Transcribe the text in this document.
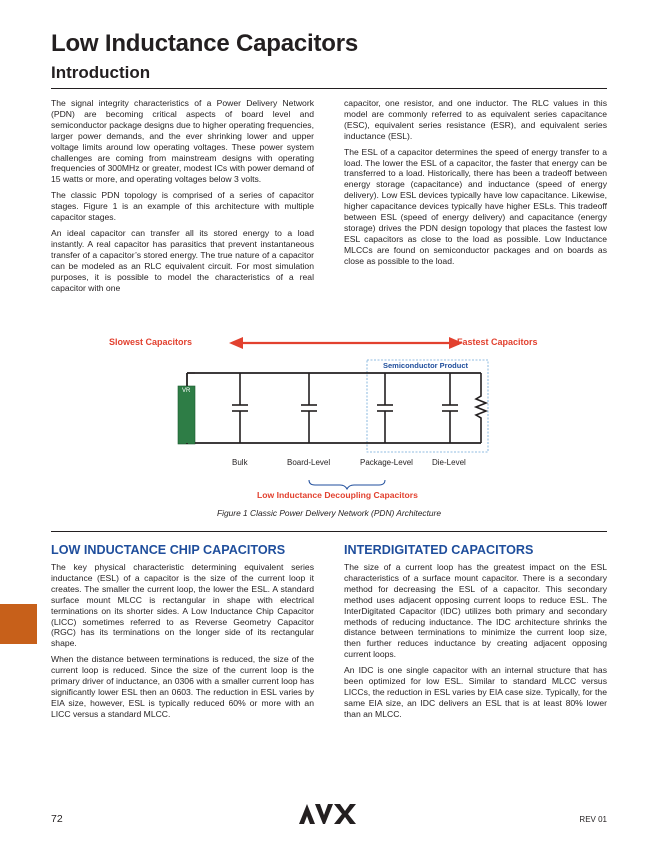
Low Inductance Capacitors
Introduction

The signal integrity characteristics of a Power Delivery Network (PDN) are becoming critical aspects of board level and semiconductor package designs due to higher operating frequencies, larger power demands, and the ever shrinking lower and upper voltage limits around low operating voltages. These power system challenges are coming from mainstream designs with operating frequencies of 300MHz or greater, modest ICs with power demand of 15 watts or more, and operating voltages below 3 volts.

The classic PDN topology is comprised of a series of capacitor stages. Figure 1 is an example of this architecture with multiple capacitor stages.

An ideal capacitor can transfer all its stored energy to a load instantly. A real capacitor has parasitics that prevent instantaneous transfer of a capacitor’s stored energy. The true nature of a capacitor can be modeled as an RLC equivalent circuit. For most simulation purposes, it is possible to model the characteristics of a real capacitor with one

capacitor, one resistor, and one inductor. The RLC values in this model are commonly referred to as equivalent series capacitance (ESC), equivalent series resistance (ESR), and equivalent series inductance (ESL).

The ESL of a capacitor determines the speed of energy transfer to a load. The lower the ESL of a capacitor, the faster that energy can be transferred to a load. Historically, there has been a tradeoff between energy storage (capacitance) and inductance (speed of energy delivery). Low ESL devices typically have low capacitance. Likewise, higher capacitance devices typically have higher ESLs. This tradeoff between ESL (speed of energy delivery) and capacitance (energy storage) drives the PDN design topology that places the fastest low ESL capacitors as close to the load as possible. Low Inductance MLCCs are found on semiconductor packages and on boards as close as possible to the load.

Slowest Capacitors	Fastest Capacitors
Semiconductor Product
VR
Bulk	Board-Level	Package-Level Die-Level
Low Inductance Decoupling Capacitors
Figure 1 Classic Power Delivery Network (PDN) Architecture
LOW INDUCTANCE CHIP CAPACITORS	INTERDIGITATED CAPACITORS

The key physical characteristic determining equivalent series inductance (ESL) of a capacitor is the size of the current loop it creates. The smaller the current loop, the lower the ESL. A standard surface mount MLCC is rectangular in shape with electrical terminations on its shorter sides. A Low Inductance Chip Capacitor (LICC) sometimes referred to as Reverse Geometry Capacitor (RGC) has its terminations on the longer side of its rectangular shape.

When the distance between terminations is reduced, the size of the current loop is reduced. Since the size of the current loop is the primary driver of inductance, an 0306 with a smaller current loop has significantly lower ESL then an 0603. The reduction in ESL varies by EIA size, however, ESL is typically reduced 60% or more with an LICC versus a standard MLCC.

The size of a current loop has the greatest impact on the ESL characteristics of a surface mount capacitor. There is a secondary method for decreasing the ESL of a capacitor. This secondary method uses adjacent opposing current loops to reduce ESL. The InterDigitated Capacitor (IDC) utilizes both primary and secondary methods of reducing inductance. The IDC architecture shrinks the distance between terminations to minimize the current loop size, then further reduces inductance by creating adjacent opposing current loops.

An IDC is one single capacitor with an internal structure that has been optimized for low ESL. Similar to standard MLCC versus LICCs, the reduction in ESL varies by EIA case size. Typically, for the same EIA size, an IDC delivers an ESL that is at least 80% lower than an MLCC.

72	REV 01
